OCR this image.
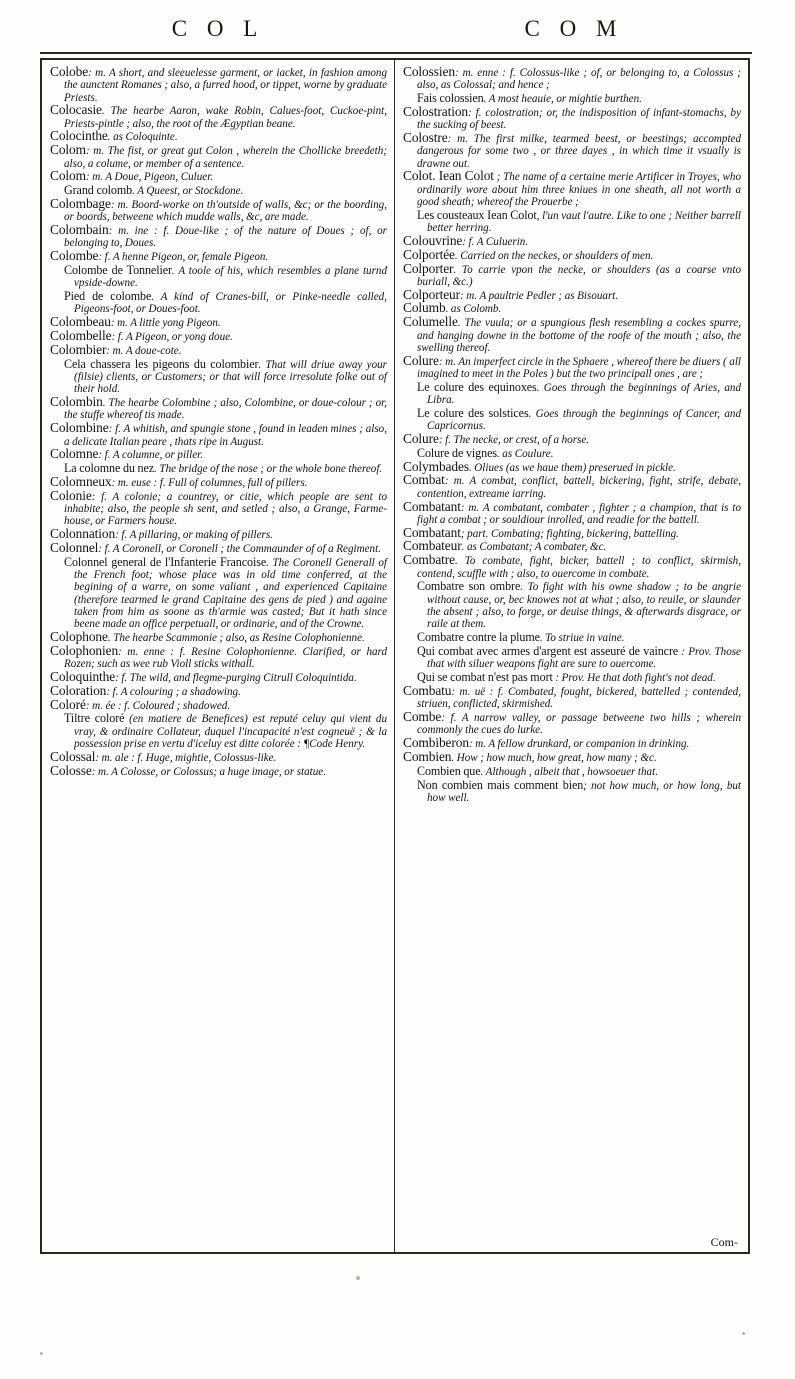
C O L	C O M

Colobe: m. A short, and sleeuelesse garment, or iacket, in fashion among the aunctent Romanes ; also, a furred hood, or tippet, worne by graduate Priests.

Colocasie. The hearbe Aaron, wake Robin, Calues-foot, Cuckoe-pint, Priests-pintle ; also, the root of the Ægyptian beane.

Colocinthe. as Coloquinte.

Colom: m. The fist, or great gut Colon , wherein the Chollicke breedeth; also, a colume, or member of a sentence.

Colom: m. A Doue, Pigeon, Culuer.

Grand colomb. A Queest, or Stockdone.

Colombage: m. Boord-worke on th'outside of walls, &c; or the boording, or boords, betweene which mudde walls, &c, are made.

Colombain: m. ine : f. Doue-like ; of the nature of Doues ; of, or belonging to, Doues.

Colombe: f. A henne Pigeon, or, female Pigeon.

Colombe de Tonnelier. A toole of his, which resembles a plane turnd vpside-downe.

Pied de colombe. A kind of Cranes-bill, or Pinke-needle called, Pigeons-foot, or Doues-foot.

Colombeau: m. A little yong Pigeon.

Colombelle: f. A Pigeon, or yong doue.

Colombier: m. A doue-cote.

Cela chassera les pigeons du colombier. That will driue away your (filsie) clients, or Customers; or that will force irresolute folke out of their hold.

Colombin. The hearbe Colombine ; also, Colombine, or doue-colour ; or, the stuffe whereof tis made.

Colombine: f. A whitish, and spungie stone , found in leaden mines ; also, a delicate Italian peare , thats ripe in August.

Colomne: f. A columne, or piller.

La colomne du nez. The bridge of the nose ; or the whole bone thereof.

Colomneux: m. euse : f. Full of columnes, full of pillers.

Colonie: f. A colonie; a countrey, or citie, which people are sent to inhabite; also, the people sh sent, and setled ; also, a Grange, Farme-house, or Farmers house.

Colonnation: f. A pillaring, or making of pillers.

Colonnel: f. A Coronell, or Coronell ; the Commaunder of of a Regiment.

Colonnel general de l'Infanterie Francoise. The Coronell Generall of the French foot; whose place was in old time conferred, at the begining of a warre, on some valiant , and experienced Capitaine (therefore tearmed le grand Capitaine des gens de pied ) and againe taken from him as soone as th'armie was casted; But it hath since beene made an office perpetuall, or ordinarie, and of the Crowne.

Colophone. The hearbe Scammonie ; also, as Resine Colophonienne.

Colophonien: m. enne : f. Resine Colophonienne. Clarified, or hard Rozen; such as wee rub Violl sticks withall.

Coloquinthe: f. The wild, and flegme-purging Citrull Coloquintida.

Coloration: f. A colouring ; a shadowing.

Coloré: m. ée : f. Coloured ; shadowed.

Tiltre coloré (en matiere de Benefices) est reputé celuy qui vient du vray, & ordinaire Collateur, duquel l'incapacité n'est cogneuë ; & la possession prise en vertu d'iceluy est ditte colorée : ¶Code Henry.

Colossal: m. ale : f. Huge, mightie, Colossus-like.

Colosse: m. A Colosse, or Colossus; a huge image, or statue.

Com-

Colossien: m. enne : f. Colossus-like ; of, or belonging to, a Colossus ; also, as Colossal; and hence ;

Fais colossien. A most heauie, or mightie burthen.

Colostration: f. colostration; or, the indisposition of infant-stomachs, by the sucking of beest.

Colostre: m. The first milke, tearmed beest, or beestings; accompted dangerous for some two , or three dayes , in which time it vsually is drawne out.

Colot. Iean Colot ; The name of a certaine merie Artificer in Troyes, who ordinarily wore about him three kniues in one sheath, all not worth a good sheath; whereof the Prouerbe ;

Les cousteaux Iean Colot, l'un vaut l'autre. Like to one ; Neither barrell better herring.

Colouvrine: f. A Culuerin.

Colportée. Carried on the neckes, or shoulders of men.

Colporter. To carrie vpon the necke, or shoulders (as a coarse vnto buriall, &c.)

Colporteur: m. A paultrie Pedler ; as Bisouart.

Columb. as Colomb.

Columelle. The vuula; or a spungious flesh resembling a cockes spurre, and hanging downe in the bottome of the roofe of the mouth ; also, the swelling thereof.

Colure: m. An imperfect circle in the Sphaere , whereof there be diuers ( all imagined to meet in the Poles ) but the two principall ones , are ;

Le colure des equinoxes. Goes through the beginnings of Aries, and Libra.

Le colure des solstices. Goes through the beginnings of Cancer, and Capricornus.

Colure: f. The necke, or crest, of a horse.

Colure de vignes. as Coulure.

Colymbades. Oliues (as we haue them) preserued in pickle.

Combat: m. A combat, conflict, battell, bickering, fight, strife, debate, contention, extreame iarring.

Combatant: m. A combatant, combater , fighter ; a champion, that is to fight a combat ; or souldiour inrolled, and readie for the battell.

Combatant; part. Combating; fighting, bickering, battelling.

Combateur. as Combatant; A combater, &c.

Combatre. To combate, fight, bicker, battell ; to conflict, skirmish, contend, scuffle with ; also, to ouercome in combate.

Combatre son ombre. To fight with his owne shadow ; to be angrie without cause, or, bec knowes not at what ; also, to reuile, or slaunder the absent ; also, to forge, or deuise things, & afterwards disgrace, or raile at them.

Combatre contre la plume. To striue in vaine.

Qui combat avec armes d'argent est asseuré de vaincre : Prov. Those that with siluer weapons fight are sure to ouercome.

Qui se combat n'est pas mort : Prov. He that doth fight's not dead.

Combatu: m. uë : f. Combated, fought, bickered, battelled ; contended, striuen, conflicted, skirmished.

Combe: f. A narrow valley, or passage betweene two hills ; wherein commonly the cues do lurke.

Combiberon: m. A fellow drunkard, or companion in drinking.

Combien. How ; how much, how great, how many ; &c.

Combien que. Although , albeit that , howsoeuer that.

Non combien mais comment bien; not how much, or how long, but how well.
